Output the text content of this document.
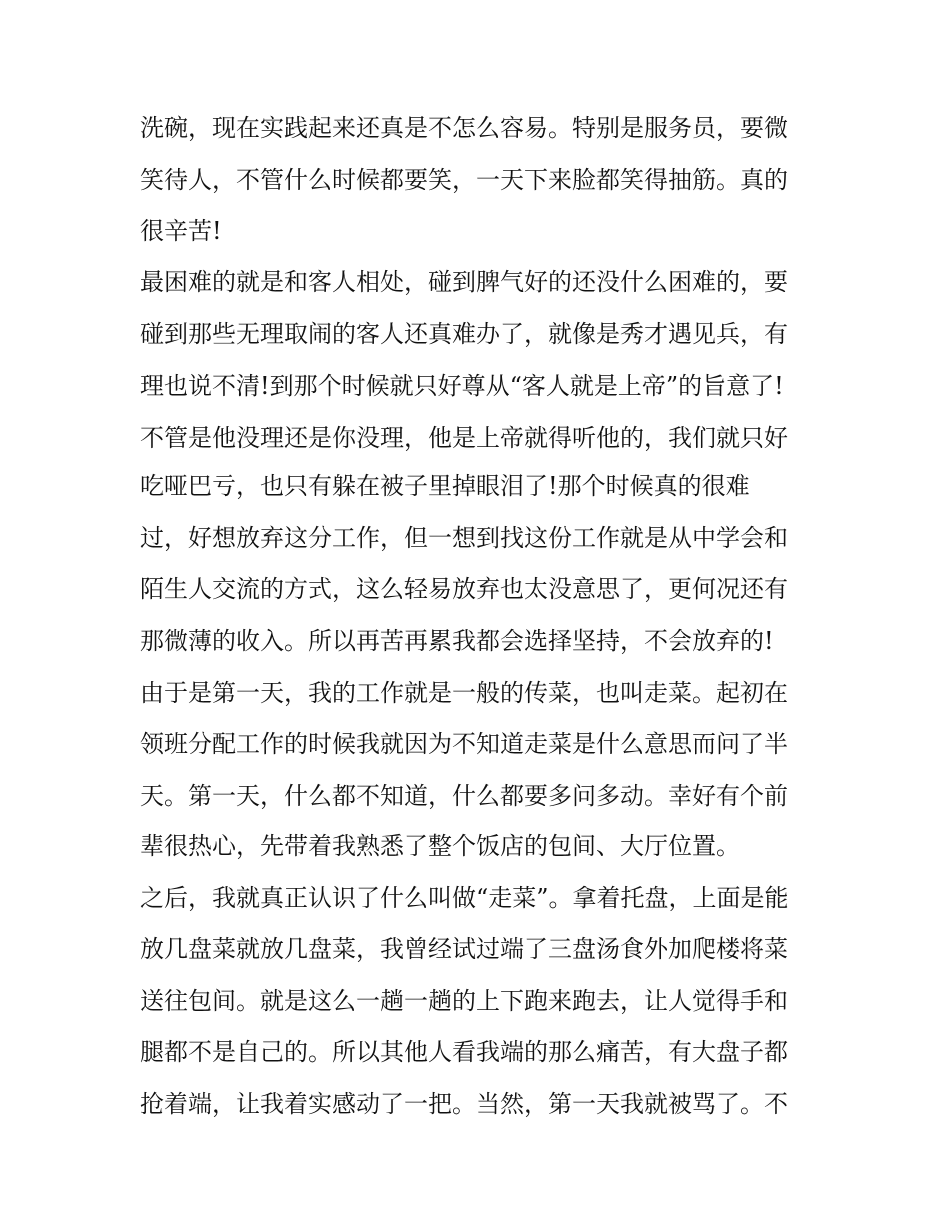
洗碗，现在实践起来还真是不怎么容易。特别是服务员，要微
笑待人，不管什么时候都要笑，一天下来脸都笑得抽筋。真的
很辛苦!
最困难的就是和客人相处，碰到脾气好的还没什么困难的，要
碰到那些无理取闹的客人还真难办了，就像是秀才遇见兵，有
理也说不清!到那个时候就只好尊从“客人就是上帝”的旨意了!
不管是他没理还是你没理，他是上帝就得听他的，我们就只好
吃哑巴亏，也只有躲在被子里掉眼泪了!那个时候真的很难
过，好想放弃这分工作，但一想到找这份工作就是从中学会和
陌生人交流的方式，这么轻易放弃也太没意思了，更何况还有
那微薄的收入。所以再苦再累我都会选择坚持，不会放弃的!
由于是第一天，我的工作就是一般的传菜，也叫走菜。起初在
领班分配工作的时候我就因为不知道走菜是什么意思而问了半
天。第一天，什么都不知道，什么都要多问多动。幸好有个前
辈很热心，先带着我熟悉了整个饭店的包间、大厅位置。
之后，我就真正认识了什么叫做“走菜”。拿着托盘，上面是能
放几盘菜就放几盘菜，我曾经试过端了三盘汤食外加爬楼将菜
送往包间。就是这么一趟一趟的上下跑来跑去，让人觉得手和
腿都不是自己的。所以其他人看我端的那么痛苦，有大盘子都
抢着端，让我着实感动了一把。当然，第一天我就被骂了。不
